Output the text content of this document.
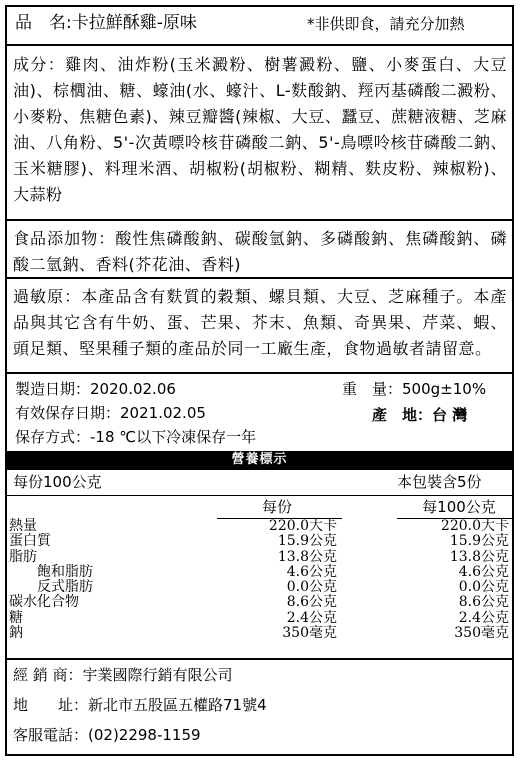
品　名:卡拉鮮酥雞-原味	*非供即食，請充分加熱
成分：雞肉、油炸粉(玉米澱粉、樹薯澱粉、鹽、小麥蛋白、大豆油)、棕櫚油、糖、蠔油(水、蠔汁、L-麩酸鈉、羥丙基磷酸二澱粉、小麥粉、焦糖色素)、辣豆瓣醬(辣椒、大豆、蠶豆、蔗糖液糖、芝麻油、八角粉、5'-次黃嘌呤核苷磷酸二鈉、5'-鳥嘌呤核苷磷酸二鈉、玉米糖膠)、料理米酒、胡椒粉(胡椒粉、糊精、麩皮粉、辣椒粉)、大蒜粉
食品添加物：酸性焦磷酸鈉、碳酸氫鈉、多磷酸鈉、焦磷酸鈉、磷酸二氫鈉、香料(芥花油、香料)
過敏原：本產品含有麩質的穀類、螺貝類、大豆、芝麻種子。本產品與其它含有牛奶、蛋、芒果、芥末、魚類、奇異果、芹菜、蝦、頭足類、堅果種子類的產品於同一工廠生產，食物過敏者請留意。
製造日期：2020.02.06	重　量：500g±10%
有效保存日期：2021.02.05	產　地：台 灣
保存方式：-18 ℃以下冷凍保存一年
營養標示
每份100公克	本包裝含5份
每份	每100公克
熱量	220.0大卡	220.0大卡
蛋白質	15.9公克	15.9公克
脂肪	13.8公克	13.8公克
飽和脂肪	4.6公克	4.6公克
反式脂肪	0.0公克	0.0公克
碳水化合物	8.6公克	8.6公克
糖	2.4公克	2.4公克
鈉	350毫克	350毫克
經 銷 商：宇業國際行銷有限公司
地　　址：新北市五股區五權路71號4
客服電話：(02)2298-1159
